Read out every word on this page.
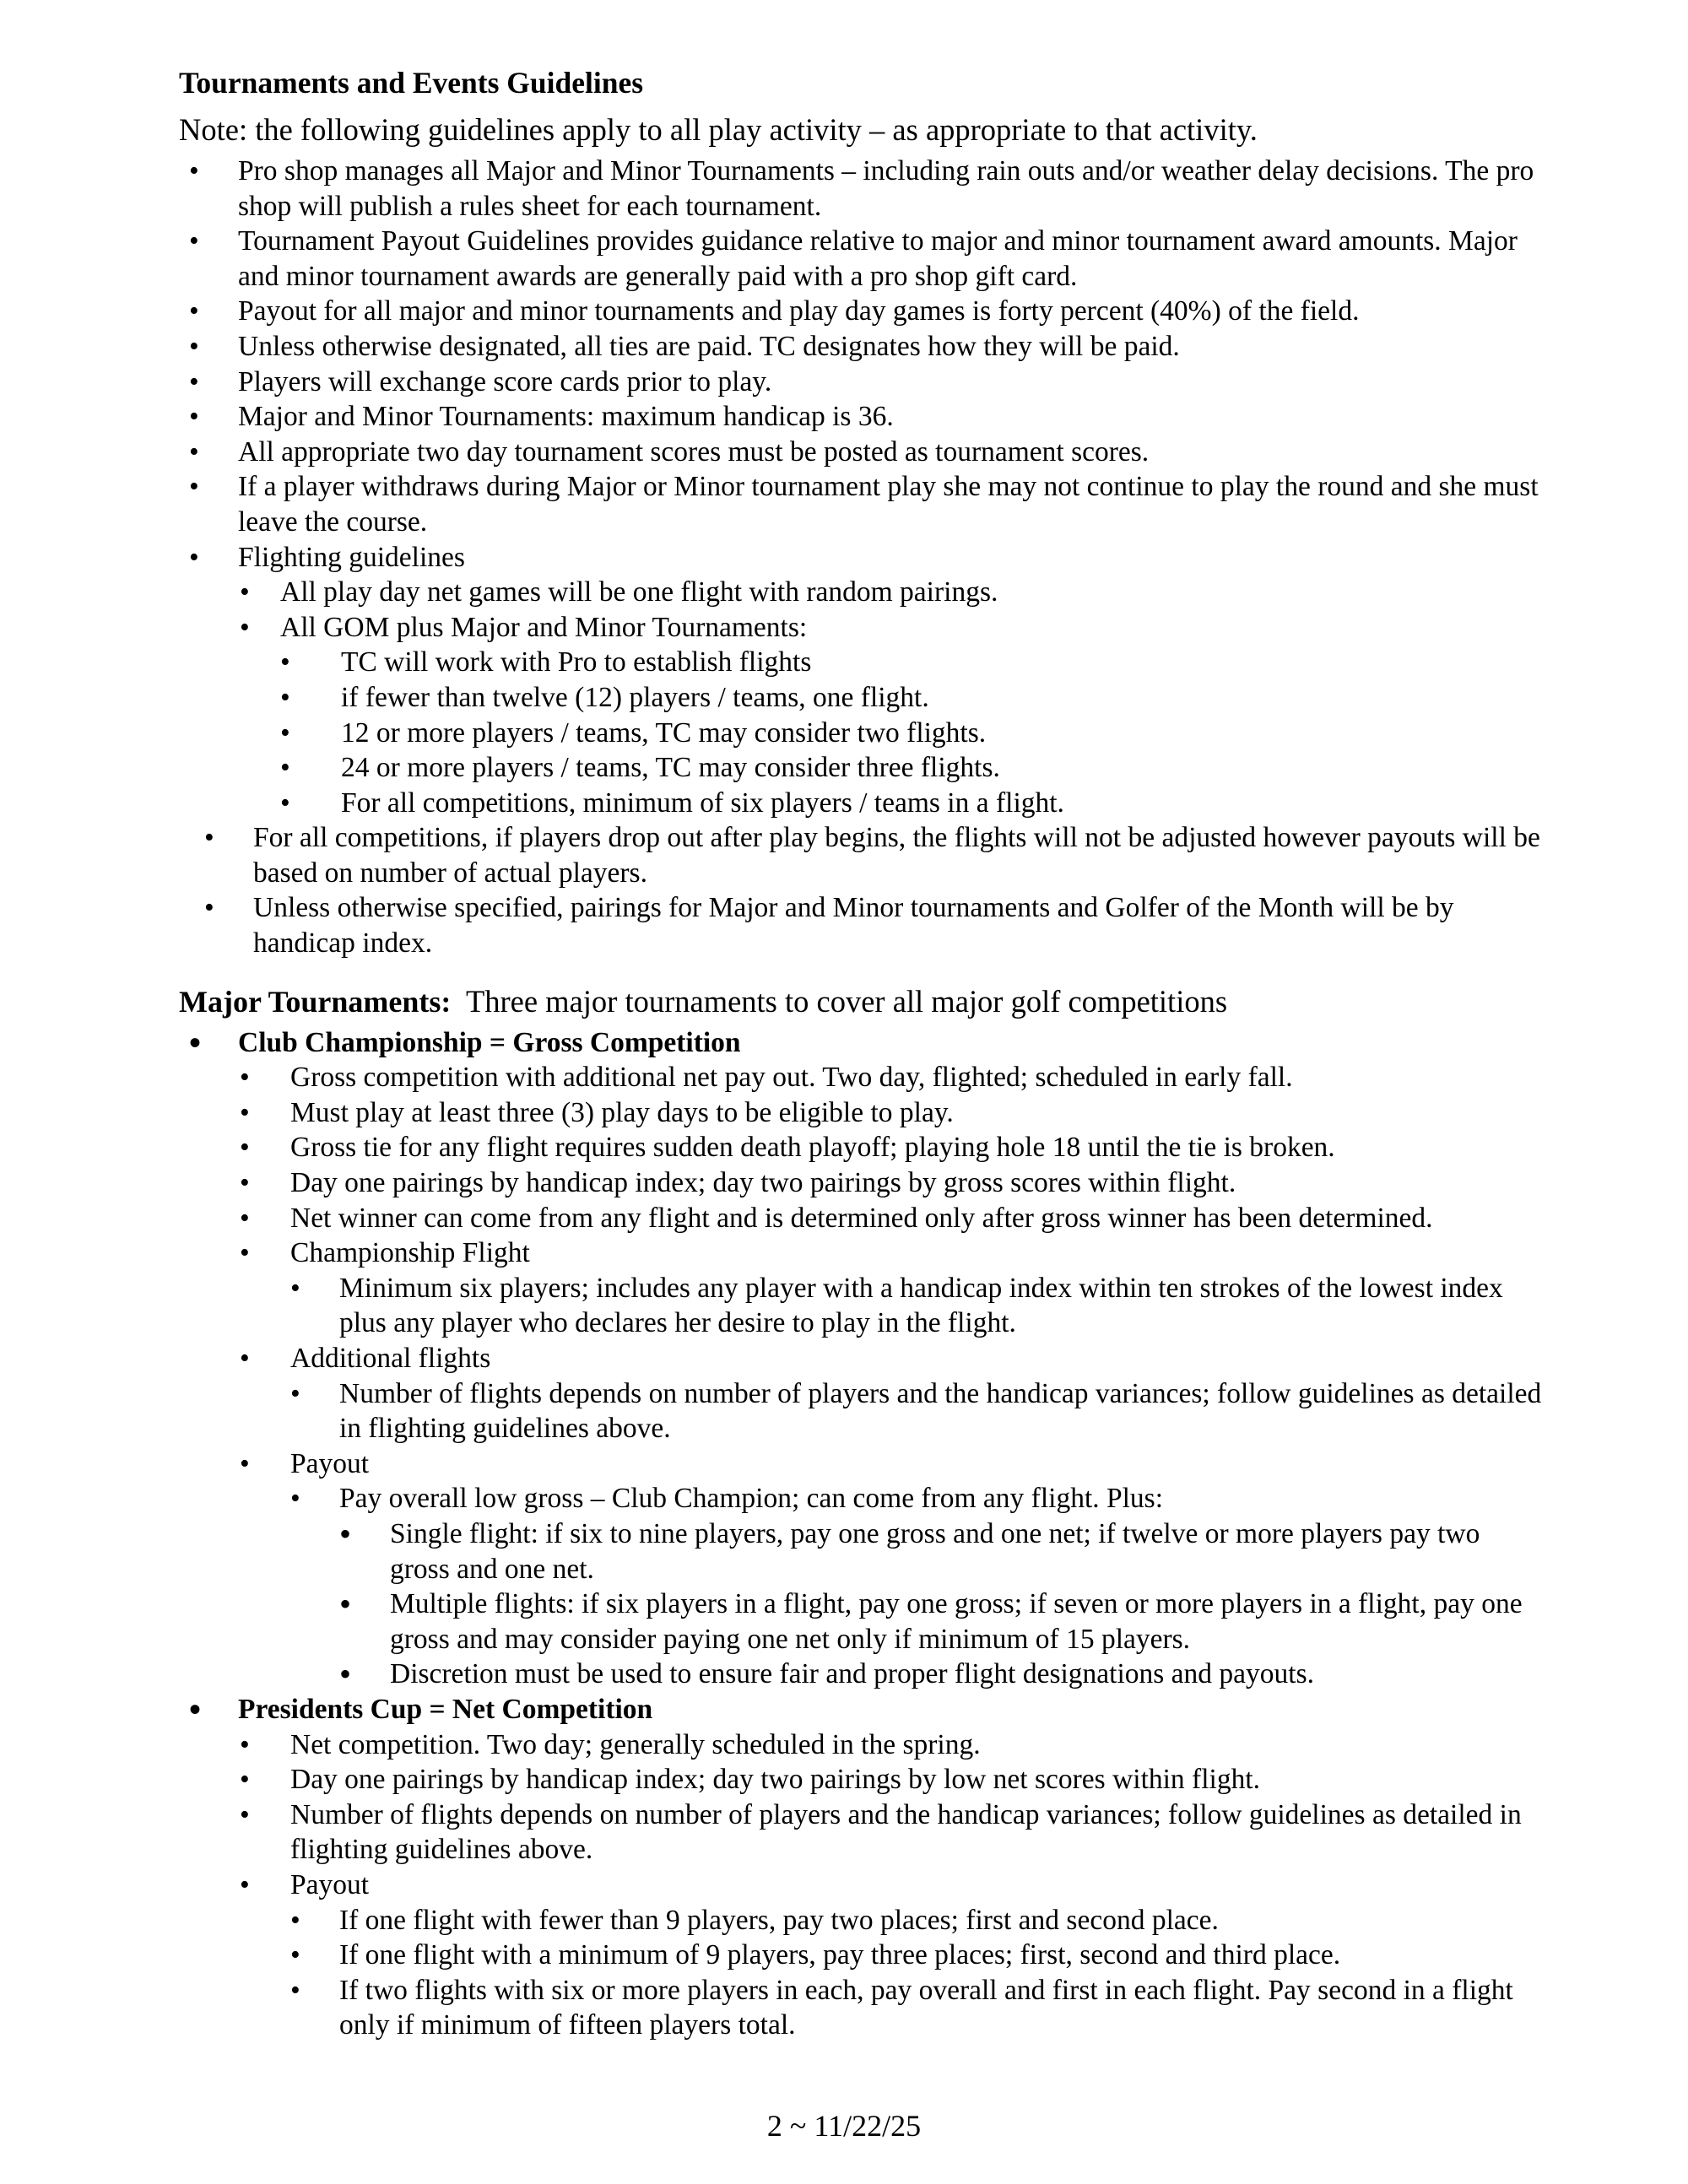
Tournaments and Events Guidelines
Note: the following guidelines apply to all play activity – as appropriate to that activity.
• Pro shop manages all Major and Minor Tournaments – including rain outs and/or weather delay decisions. The pro shop will publish a rules sheet for each tournament.
• Tournament Payout Guidelines provides guidance relative to major and minor tournament award amounts. Major and minor tournament awards are generally paid with a pro shop gift card.
• Payout for all major and minor tournaments and play day games is forty percent (40%) of the field.
• Unless otherwise designated, all ties are paid. TC designates how they will be paid.
• Players will exchange score cards prior to play.
• Major and Minor Tournaments: maximum handicap is 36.
• All appropriate two day tournament scores must be posted as tournament scores.
• If a player withdraws during Major or Minor tournament play she may not continue to play the round and she must leave the course.
• Flighting guidelines
• All play day net games will be one flight with random pairings.
• All GOM plus Major and Minor Tournaments:
• TC will work with Pro to establish flights
• if fewer than twelve (12) players / teams, one flight.
• 12 or more players / teams, TC may consider two flights.
• 24 or more players / teams, TC may consider three flights.
• For all competitions, minimum of six players / teams in a flight.
• For all competitions, if players drop out after play begins, the flights will not be adjusted however payouts will be based on number of actual players.
• Unless otherwise specified, pairings for Major and Minor tournaments and Golfer of the Month will be by handicap index.
Major Tournaments: Three major tournaments to cover all major golf competitions
• Club Championship = Gross Competition
• Gross competition with additional net pay out. Two day, flighted; scheduled in early fall.
• Must play at least three (3) play days to be eligible to play.
• Gross tie for any flight requires sudden death playoff; playing hole 18 until the tie is broken.
• Day one pairings by handicap index; day two pairings by gross scores within flight.
• Net winner can come from any flight and is determined only after gross winner has been determined.
• Championship Flight
• Minimum six players; includes any player with a handicap index within ten strokes of the lowest index plus any player who declares her desire to play in the flight.
• Additional flights
• Number of flights depends on number of players and the handicap variances; follow guidelines as detailed in flighting guidelines above.
• Payout
• Pay overall low gross – Club Champion; can come from any flight. Plus:
• Single flight: if six to nine players, pay one gross and one net; if twelve or more players pay two gross and one net.
• Multiple flights: if six players in a flight, pay one gross; if seven or more players in a flight, pay one gross and may consider paying one net only if minimum of 15 players.
• Discretion must be used to ensure fair and proper flight designations and payouts.
• Presidents Cup = Net Competition
• Net competition. Two day; generally scheduled in the spring.
• Day one pairings by handicap index; day two pairings by low net scores within flight.
• Number of flights depends on number of players and the handicap variances; follow guidelines as detailed in flighting guidelines above.
• Payout
• If one flight with fewer than 9 players, pay two places; first and second place.
• If one flight with a minimum of 9 players, pay three places; first, second and third place.
• If two flights with six or more players in each, pay overall and first in each flight. Pay second in a flight only if minimum of fifteen players total.
2 ~ 11/22/25
